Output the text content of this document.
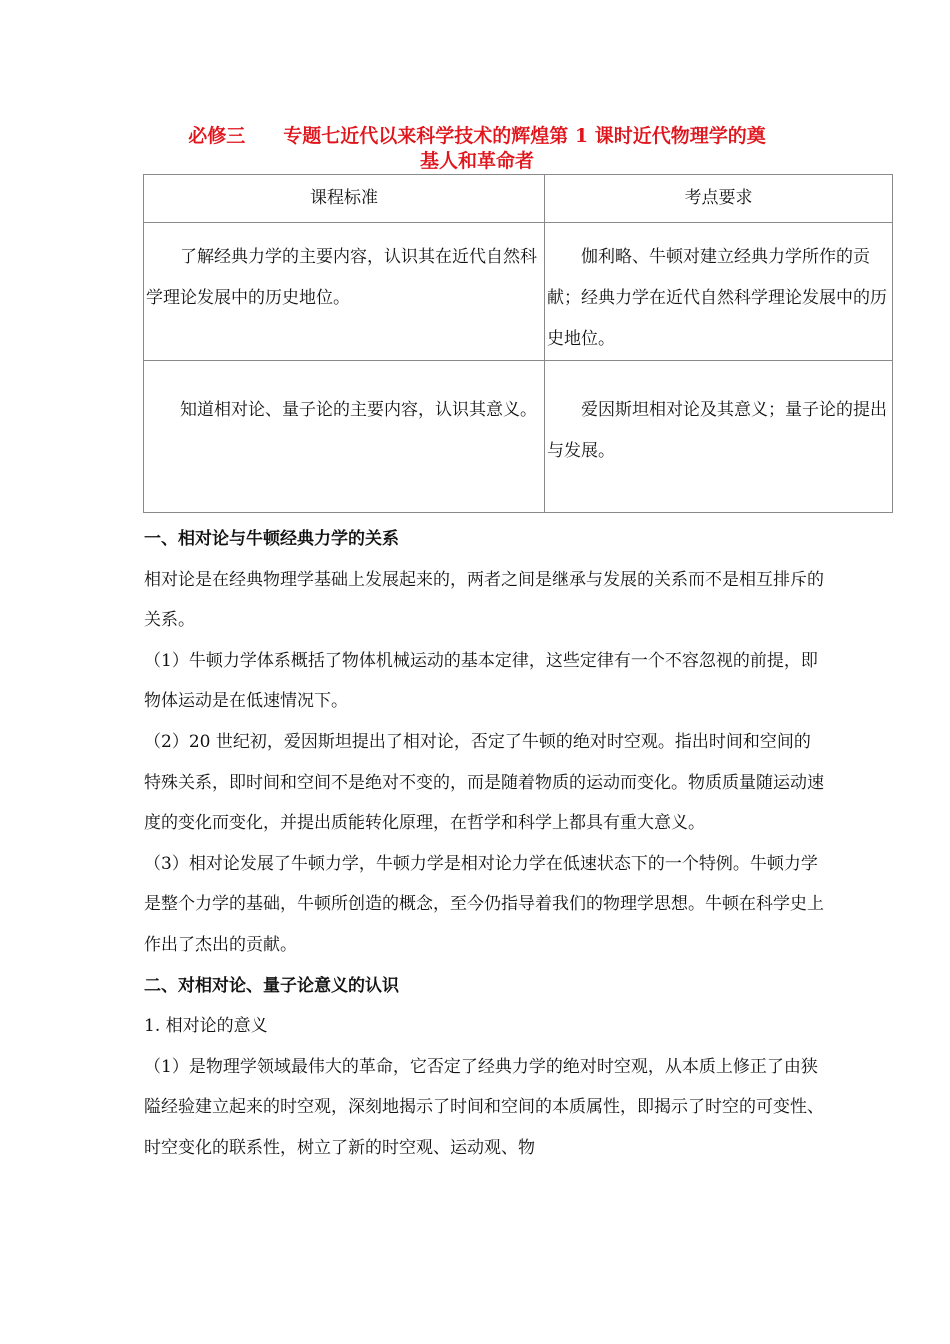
必修三　　专题七近代以来科学技术的辉煌第 1 课时近代物理学的奠
基人和革命者
课程标准	考点要求

了解经典力学的主要内容，认识其在近代自然科学理论发展中的历史地位。	伽利略、牛顿对建立经典力学所作的贡献；经典力学在近代自然科学理论发展中的历史地位。

知道相对论、量子论的主要内容，认识其意义。	爱因斯坦相对论及其意义；量子论的提出与发展。

一、相对论与牛顿经典力学的关系

相对论是在经典物理学基础上发展起来的，两者之间是继承与发展的关系而不是相互排斥的关系。

（1）牛顿力学体系概括了物体机械运动的基本定律，这些定律有一个不容忽视的前提，即物体运动是在低速情况下。

（2）20 世纪初，爱因斯坦提出了相对论，否定了牛顿的绝对时空观。指出时间和空间的特殊关系，即时间和空间不是绝对不变的，而是随着物质的运动而变化。物质质量随运动速度的变化而变化，并提出质能转化原理，在哲学和科学上都具有重大意义。

（3）相对论发展了牛顿力学，牛顿力学是相对论力学在低速状态下的一个特例。牛顿力学是整个力学的基础，牛顿所创造的概念，至今仍指导着我们的物理学思想。牛顿在科学史上作出了杰出的贡献。

二、对相对论、量子论意义的认识

1. 相对论的意义

（1）是物理学领域最伟大的革命，它否定了经典力学的绝对时空观，从本质上修正了由狭隘经验建立起来的时空观，深刻地揭示了时间和空间的本质属性，即揭示了时空的可变性、时空变化的联系性，树立了新的时空观、运动观、物
